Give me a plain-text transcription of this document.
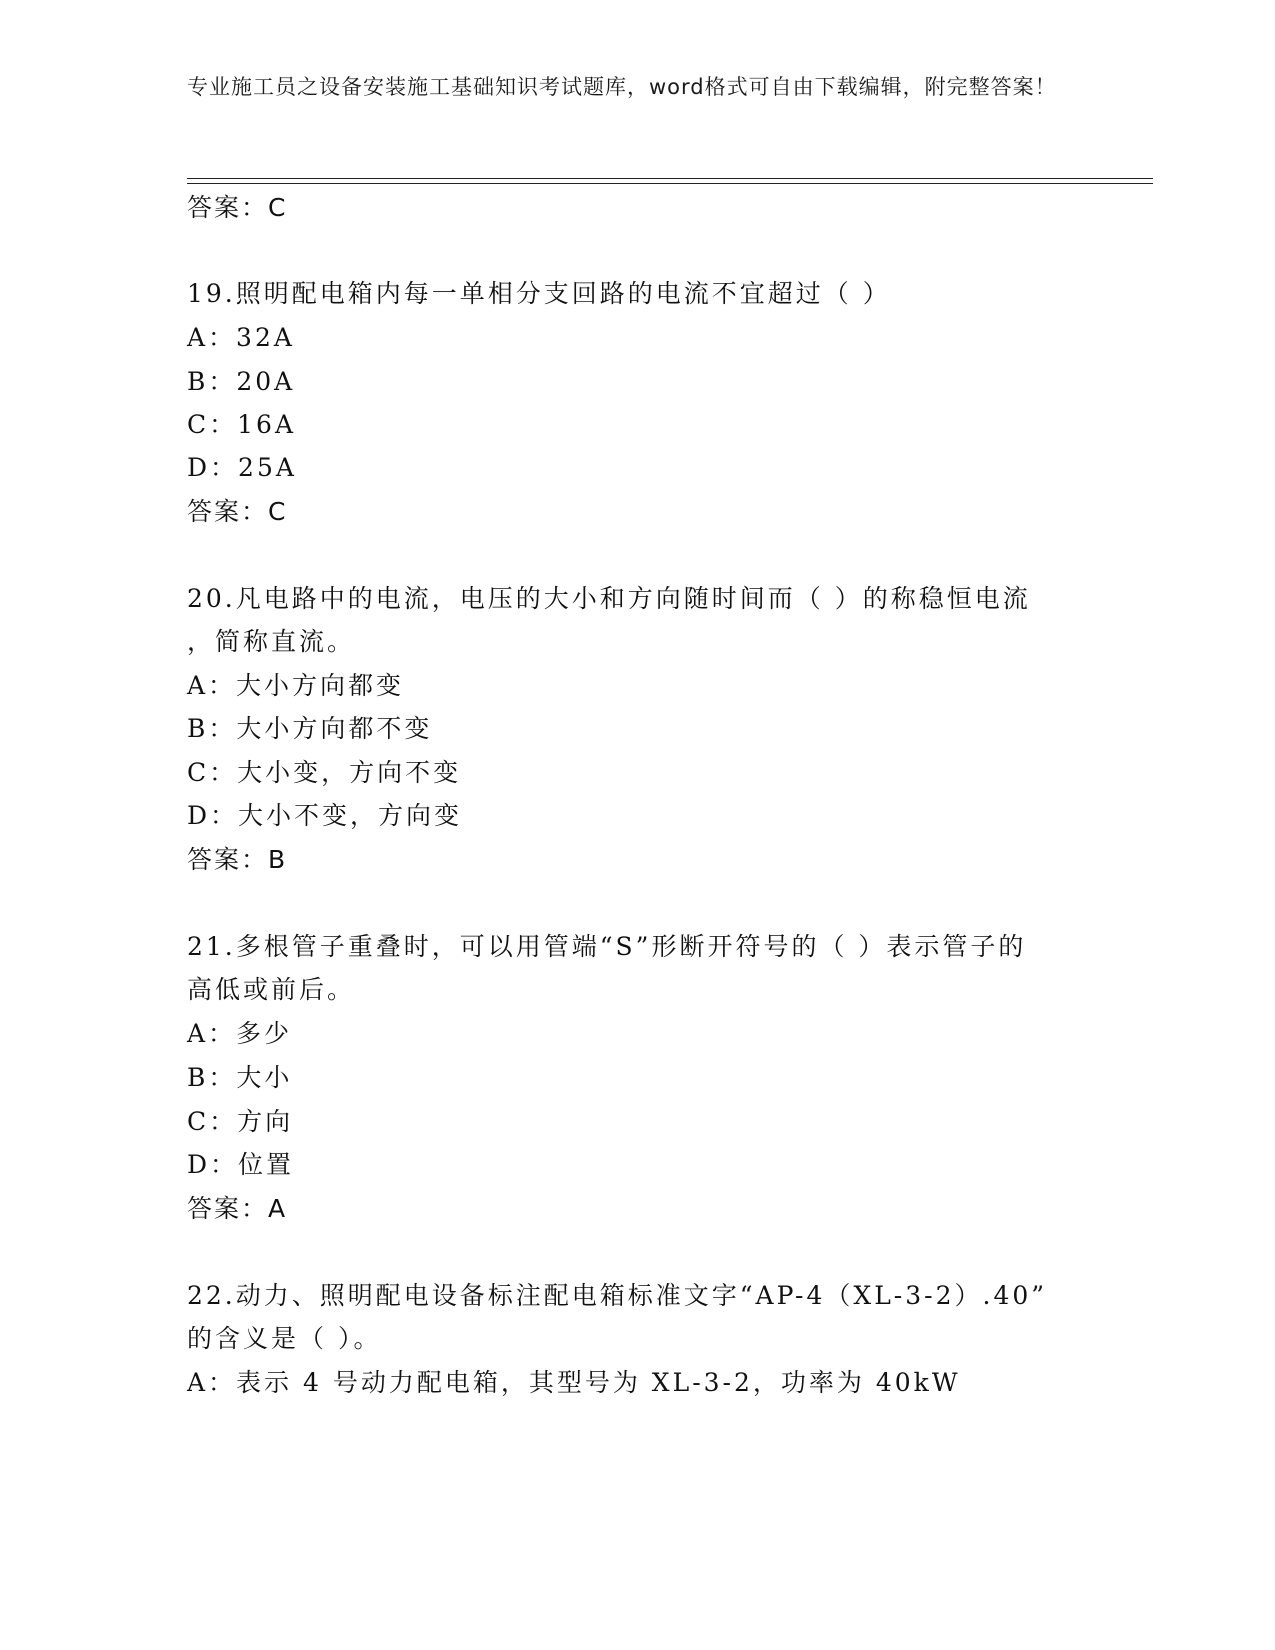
专业施工员之设备安装施工基础知识考试题库，word格式可自由下载编辑，附完整答案！
答案：C
19.照明配电箱内每一单相分支回路的电流不宜超过（ ）
A：32A
B：20A
C：16A
D：25A
答案：C
20.凡电路中的电流，电压的大小和方向随时间而（ ）的称稳恒电流
，简称直流。
A：大小方向都变
B：大小方向都不变
C：大小变，方向不变
D：大小不变，方向变
答案：B
21.多根管子重叠时，可以用管端“S”形断开符号的（ ）表示管子的
高低或前后。
A：多少
B：大小
C：方向
D：位置
答案：A
22.动力、照明配电设备标注配电箱标准文字“AP-4（XL-3-2）.40”
的含义是（ ）。
A：表示 4 号动力配电箱，其型号为 XL-3-2，功率为 40kW
